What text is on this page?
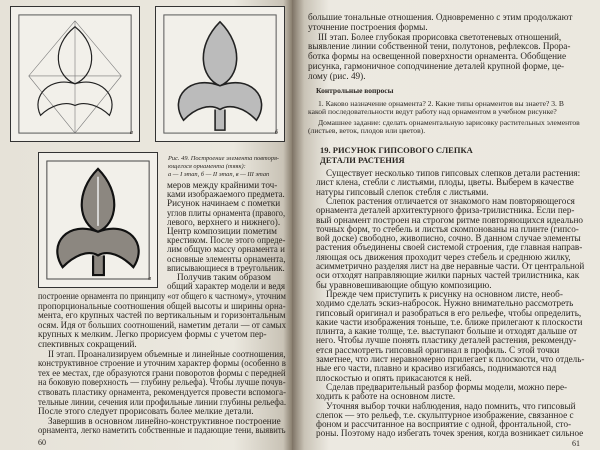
а	б
в
Рис. 49. Построение элемента повторя-
ющегося орнамента (тяяк):
а — I этап, б — II этап, в — III этап
меров между крайними точ-
ками изображаемого предмета.
Рисунок начинаем с пометки
углов плиты орнамента (правого,
левого, верхнего и нижнего).
Центр композиции пометим
крестиком. После этого опреде-
лим общую массу орнамента и
основные элементы орнамента,
вписывающиеся в треугольник.
Получив таким образом
общий характер модели и ведя
построение орнамента по принципу «от общего к частному», уточним
пропорциональные соотношения общей высоты и ширины орна-
мента, его крупных частей по вертикальным и горизонтальным
осям. Идя от больших соотношений, наметим детали — от самых
крупных к мелким. Легко прорисуем формы с учетом пер-
спективных сокращений.
II этап. Проанализируем объемные и линейные соотношения,
конструктивное строение и уточним характер формы (особенно в
тех ее местах, где образуются грани поворотов формы с передней
на боковую поверхность — глубину рельефа). Чтобы лучше почув-
ствовать пластику орнамента, рекомендуется провести вспомога-
тельные линии, сечения или профильные линии глубины рельефа.
После этого следует прорисовать более мелкие детали.
Завершив в основном линейно-конструктивное построение
орнамента, легко наметить собственные и падающие тени, выявить
60
большие тональные отношения. Одновременно с этим продолжают
уточнение построения формы.
III этап. Более глубокая прорисовка светотеневых отношений,
выявление линии собственной тени, полутонов, рефлексов. Прора-
ботка формы на освещенной поверхности орнамента. Обобщение
рисунка, гармоничное соподчинение деталей крупной форме, це-
лому (рис. 49).
Контрольные вопросы
1. Каково назначение орнамента? 2. Какие типы орнаментов вы знаете? 3. В
какой последовательности ведут работу над орнаментом в учебном рисунке?
Домашнее задание: сделать орнаментальную зарисовку растительных элементов
(листьев, веток, плодов или цветов).
19. РИСУНОК ГИПСОВОГО СЛЕПКА
ДЕТАЛИ РАСТЕНИЯ
Существует несколько типов гипсовых слепков детали растения:
лист клена, стебли с листьями, плоды, цветы. Выберем в качестве
натуры гипсовый слепок стебля с листьями.
Слепок растения отличается от знакомого нам повторяющегося
орнамента деталей архитектурного фриза-трилистника. Если пер-
вый орнамент построен на строгом ритме повторяющихся идеально
точных форм, то стебель и листья скомпонованы на плинте (гипсо-
вой доске) свободно, живописно, сочно. В данном случае элементы
растения объединены своей системой строения, где главная направ-
ляющая ось движения проходит через стебель и среднюю жилку,
асимметрично разделяя лист на две неравные части. От центральной
оси отходят направляющие жилки парных частей трилистника, как
бы уравновешивающие общую композицию.
Прежде чем приступить к рисунку на основном листе, необ-
ходимо сделать эскиз-набросок. Нужно внимательно рассмотреть
гипсовый оригинал и разобраться в его рельефе, чтобы определить,
какие части изображения тоньше, т.е. ближе прилегают к плоскости
плинта, а какие толще, т.е. выступают больше и отходят дальше от
него. Чтобы лучше понять пластику деталей растения, рекоменду-
ется рассмотреть гипсовый оригинал в профиль. С этой точки
заметнее, что лист неравномерно прилегает к плоскости, что отдель-
ные его части, плавно и красиво изгибаясь, поднимаются над
плоскостью и опять прикасаются к ней.
Сделав предварительный разбор формы модели, можно пере-
ходить к работе на основном листе.
Уточняя выбор точки наблюдения, надо помнить, что гипсовый
слепок — это рельеф, т.е. скульптурное изображение, связанное с
фоном и рассчитанное на восприятие с одной, фронтальной, сто-
роны. Поэтому надо избегать точек зрения, когда возникает сильное
61
